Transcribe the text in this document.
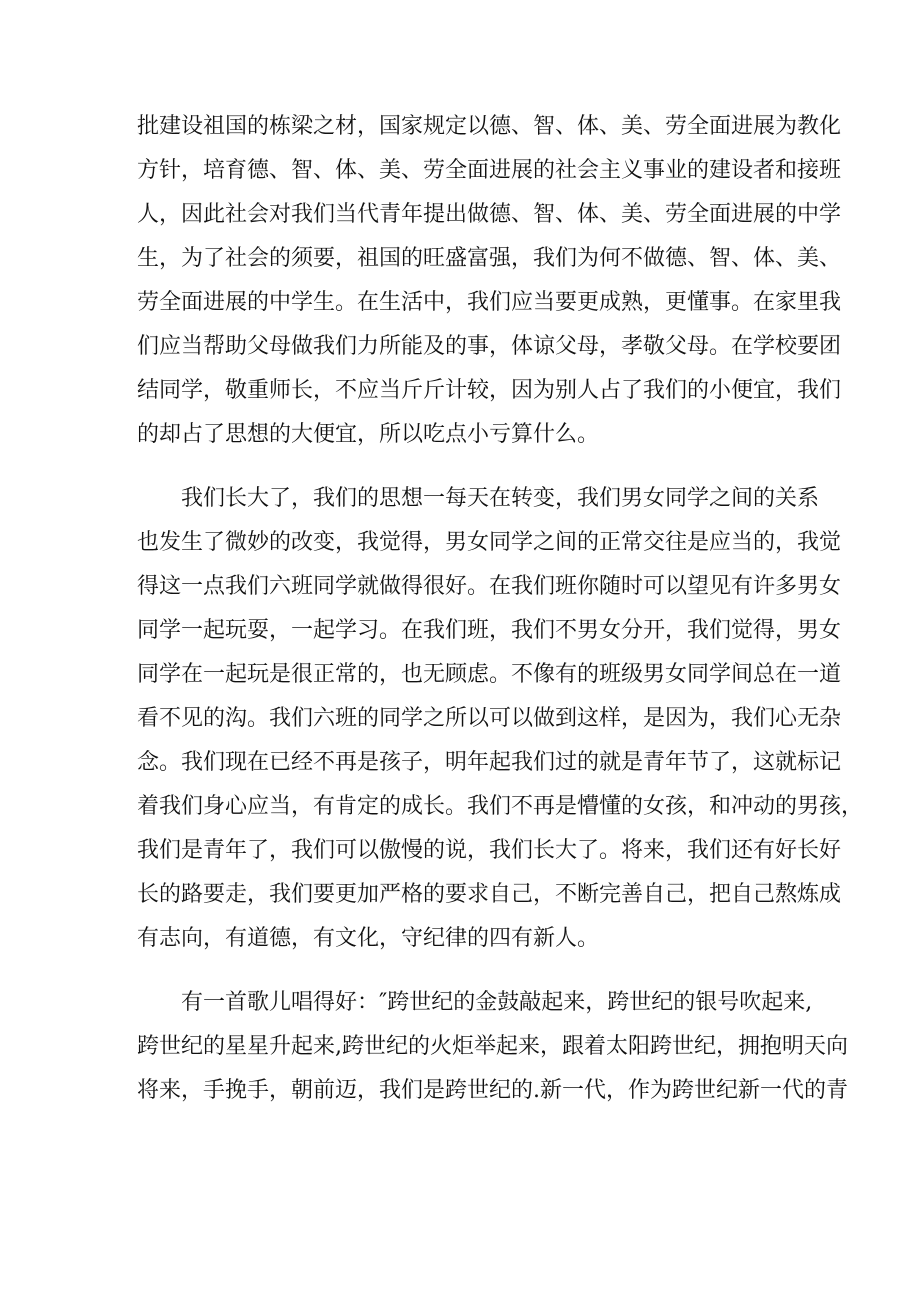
批建设祖国的栋梁之材，国家规定以德、智、体、美、劳全面进展为教化
方针，培育德、智、体、美、劳全面进展的社会主义事业的建设者和接班
人，因此社会对我们当代青年提出做德、智、体、美、劳全面进展的中学
生，为了社会的须要，祖国的旺盛富强，我们为何不做德、智、体、美、
劳全面进展的中学生。在生活中，我们应当要更成熟，更懂事。在家里我
们应当帮助父母做我们力所能及的事，体谅父母，孝敬父母。在学校要团
结同学，敬重师长，不应当斤斤计较，因为别人占了我们的小便宜，我们
的却占了思想的大便宜，所以吃点小亏算什么。
　　我们长大了，我们的思想一每天在转变，我们男女同学之间的关系
也发生了微妙的改变，我觉得，男女同学之间的正常交往是应当的，我觉
得这一点我们六班同学就做得很好。在我们班你随时可以望见有许多男女
同学一起玩耍，一起学习。在我们班，我们不男女分开，我们觉得，男女
同学在一起玩是很正常的，也无顾虑。不像有的班级男女同学间总在一道
看不见的沟。我们六班的同学之所以可以做到这样，是因为，我们心无杂
念。我们现在已经不再是孩子，明年起我们过的就是青年节了，这就标记
着我们身心应当，有肯定的成长。我们不再是懵懂的女孩，和冲动的男孩，
我们是青年了，我们可以傲慢的说，我们长大了。将来，我们还有好长好
长的路要走，我们要更加严格的要求自己，不断完善自己，把自己熬炼成
有志向，有道德，有文化，守纪律的四有新人。
　　有一首歌儿唱得好：″跨世纪的金鼓敲起来，跨世纪的银号吹起来,
跨世纪的星星升起来,跨世纪的火炬举起来，跟着太阳跨世纪，拥抱明天向
将来，手挽手，朝前迈，我们是跨世纪的.新一代，作为跨世纪新一代的青
